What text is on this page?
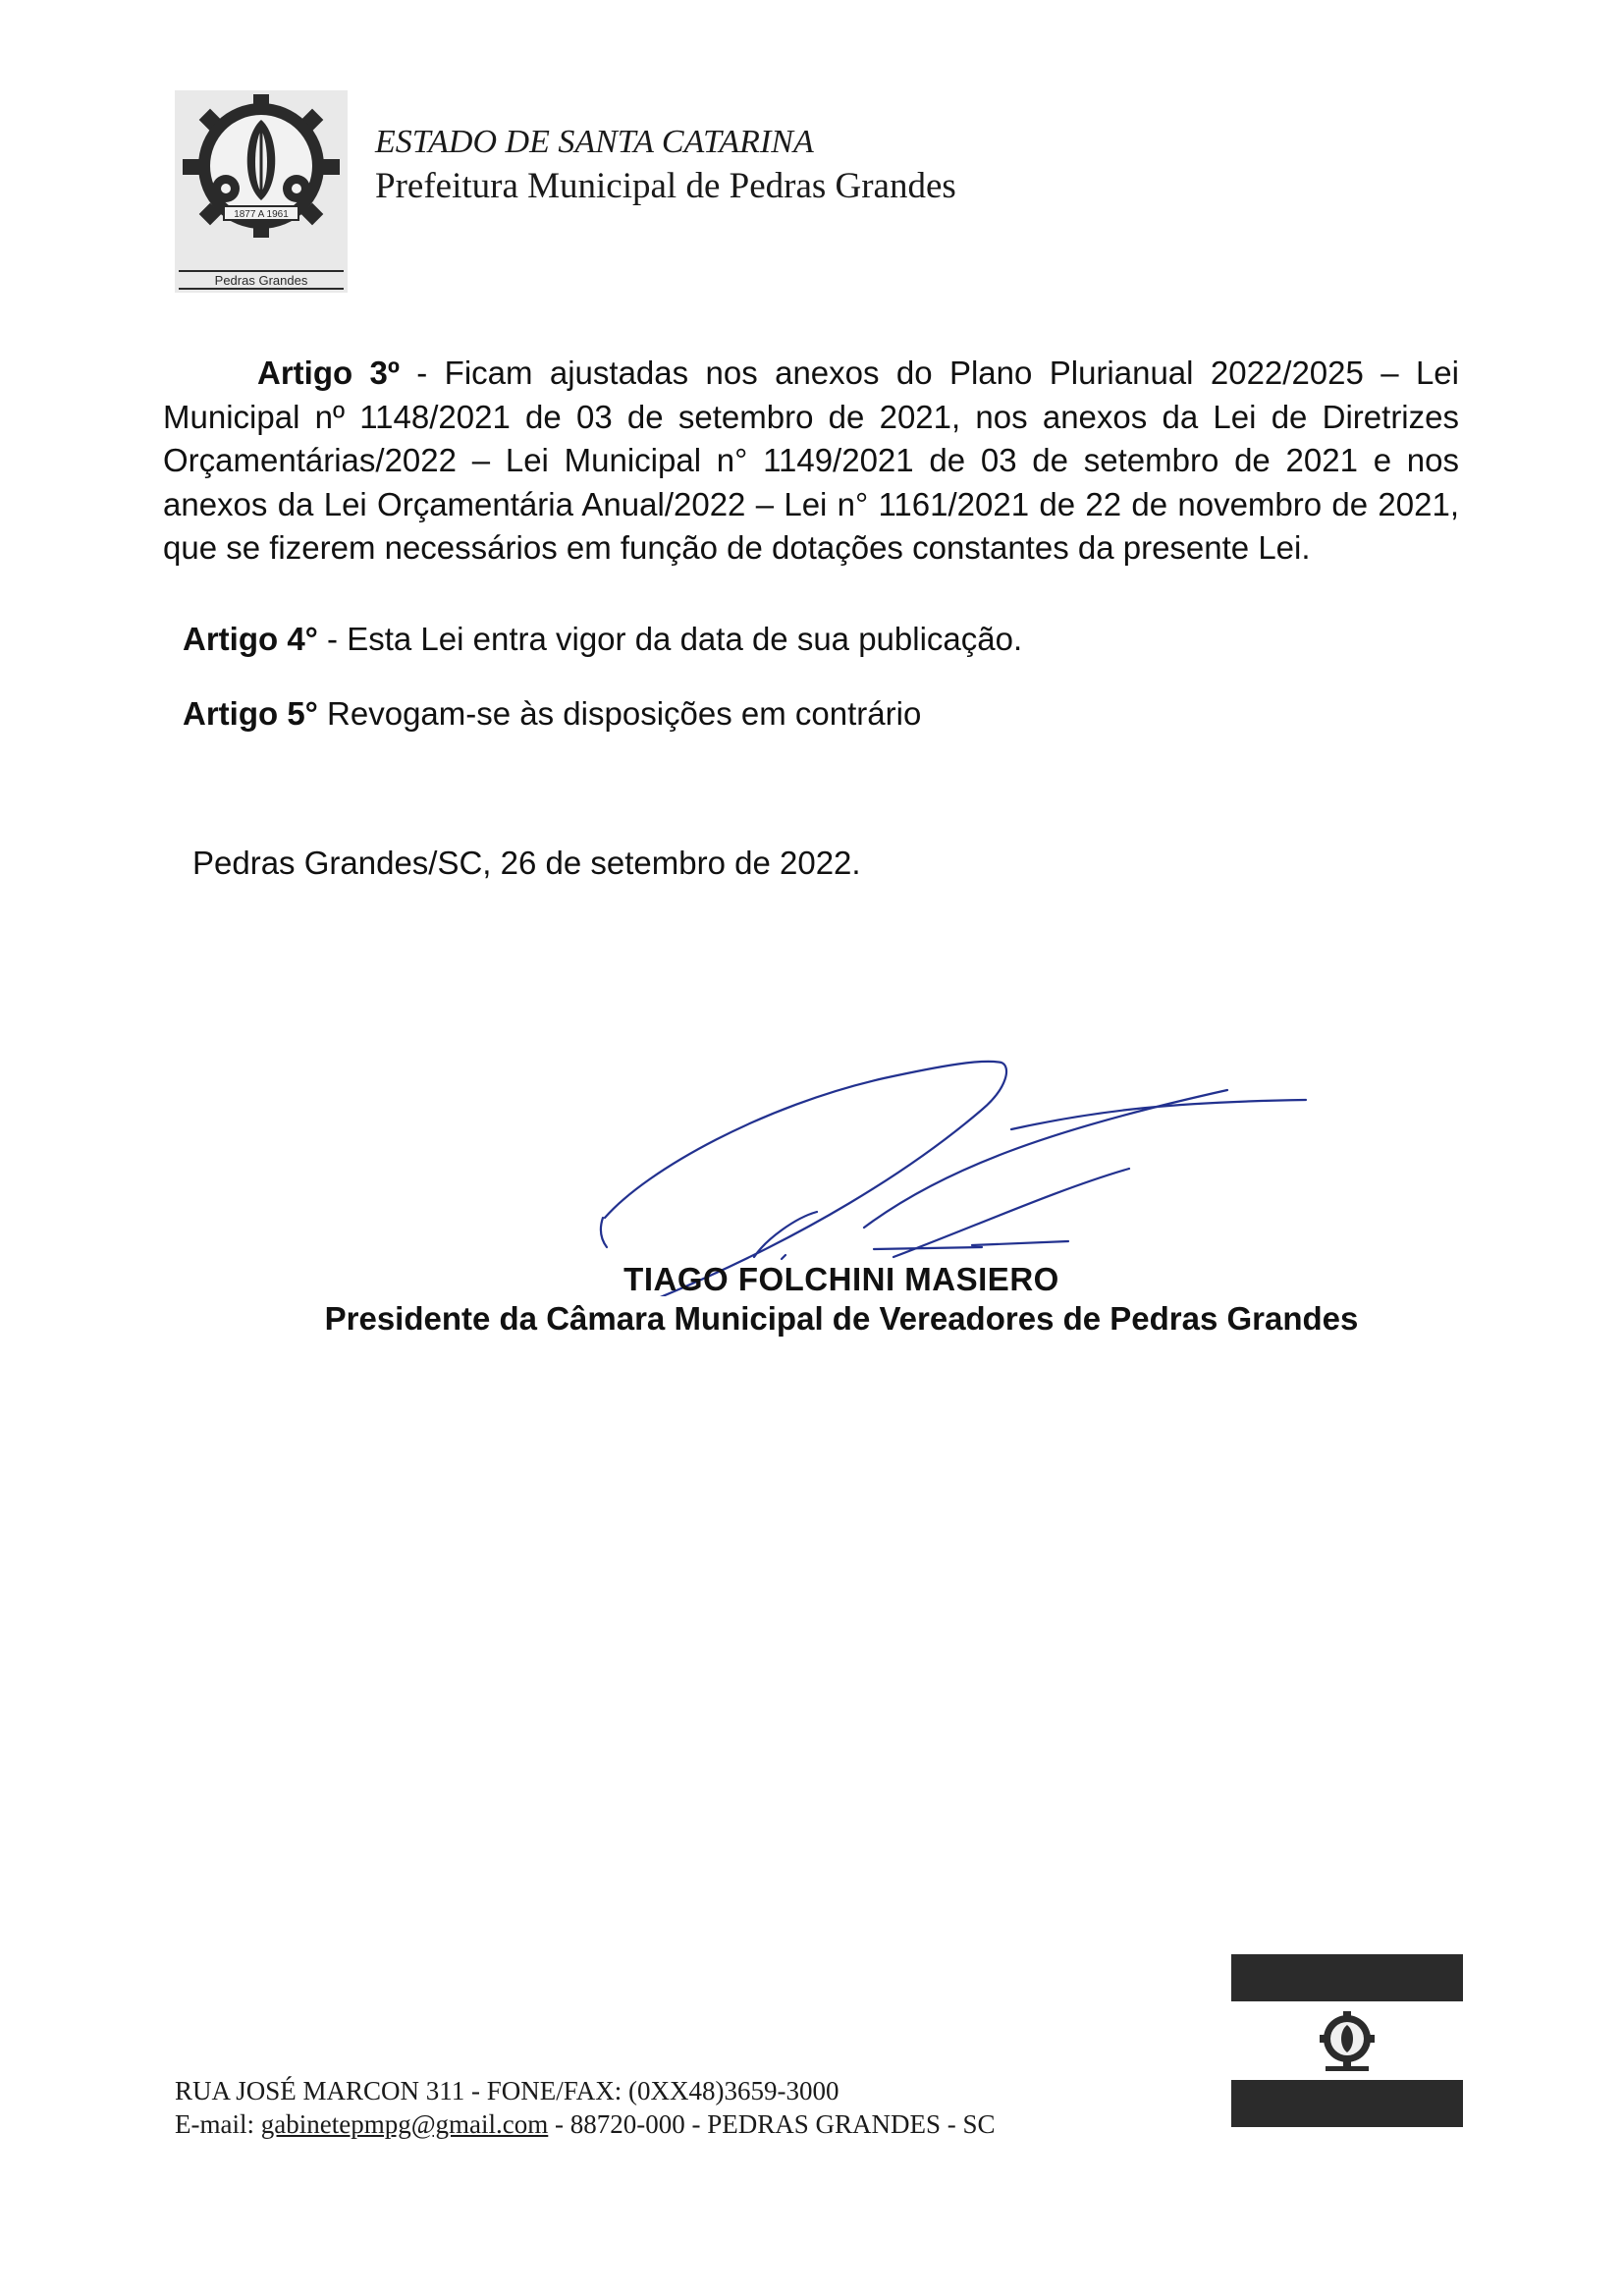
1877 A 1961
Pedras Grandes
ESTADO DE SANTA CATARINA
Prefeitura Municipal de Pedras Grandes
Artigo 3º - Ficam ajustadas nos anexos do Plano Plurianual 2022/2025 – Lei Municipal nº 1148/2021 de 03 de setembro de 2021, nos anexos da Lei de Diretrizes Orçamentárias/2022 – Lei Municipal n° 1149/2021 de 03 de setembro de 2021 e nos anexos da Lei Orçamentária Anual/2022 – Lei n° 1161/2021 de 22 de novembro de 2021, que se fizerem necessários em função de dotações constantes da presente Lei.
Artigo 4° - Esta Lei entra vigor da data de sua publicação.
Artigo 5° Revogam-se às disposições em contrário
Pedras Grandes/SC, 26 de setembro de 2022.
TIAGO FOLCHINI MASIERO
Presidente da Câmara Municipal de Vereadores de Pedras Grandes
RUA JOSÉ MARCON 311 - FONE/FAX: (0XX48)3659-3000
E-mail: gabinetepmpg@gmail.com - 88720-000 - PEDRAS GRANDES - SC
